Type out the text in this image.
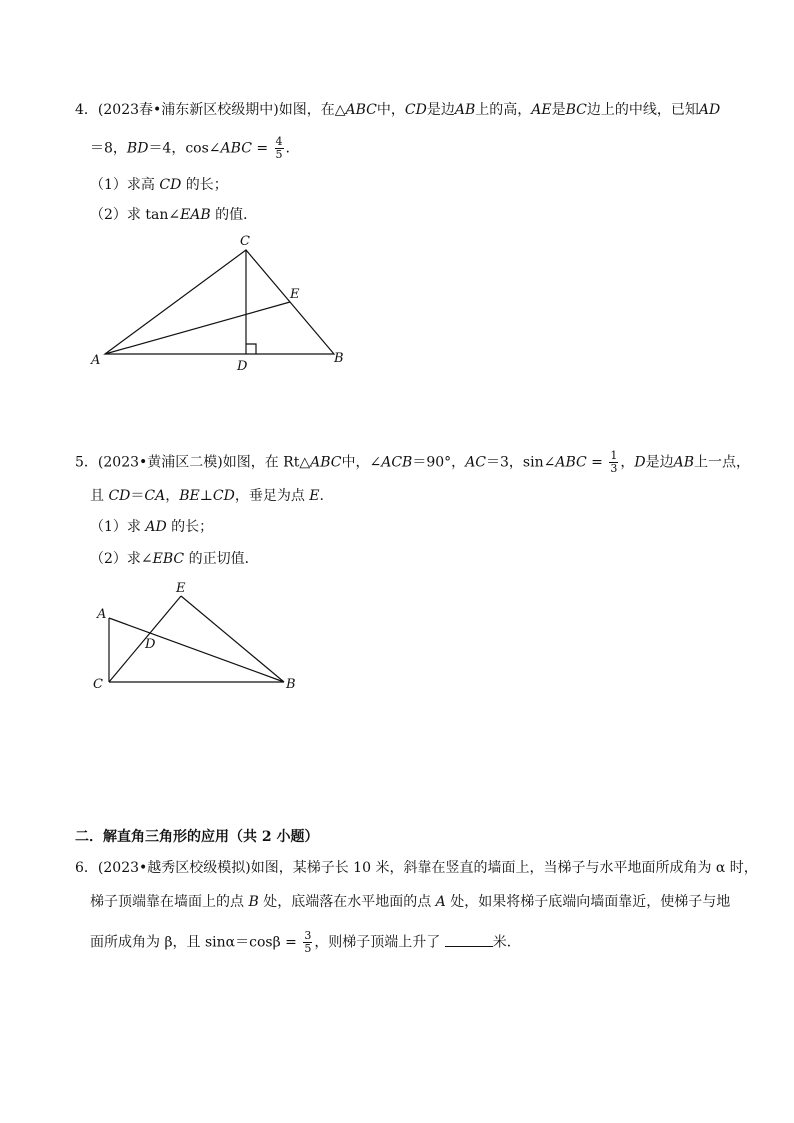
4．(2023春•浦东新区校级期中)如图，在△ABC中，CD是边AB上的高，AE是BC边上的中线，已知AD
＝8，BD＝4，cos∠ABC = $\frac{4}{5}$ .
（1）求高 CD 的长；
（2）求 tan∠EAB 的值．
C
E
A	D
B
5．(2023•黄浦区二模)如图，在 Rt△ABC中，∠ACB＝90°，AC＝3，sin∠ABC = $\frac{1}{3}$ ，D是边AB上一点，
且 CD＝CA，BE⊥CD，垂足为点 E.
（1）求 AD 的长；
（2）求∠EBC 的正切值．
E
A
D
C	B
二．解直角三角形的应用（共 2 小题）
6．(2023•越秀区校级模拟)如图，某梯子长 10 米，斜靠在竖直的墙面上，当梯子与水平地面所成角为 α 时，
梯子顶端靠在墙面上的点 B 处，底端落在水平地面的点 A 处，如果将梯子底端向墙面靠近，使梯子与地
面所成角为 β，且 $\sin\alpha=\cos\beta = \frac{3}{5}$ ，则梯子顶端上升了	米．
